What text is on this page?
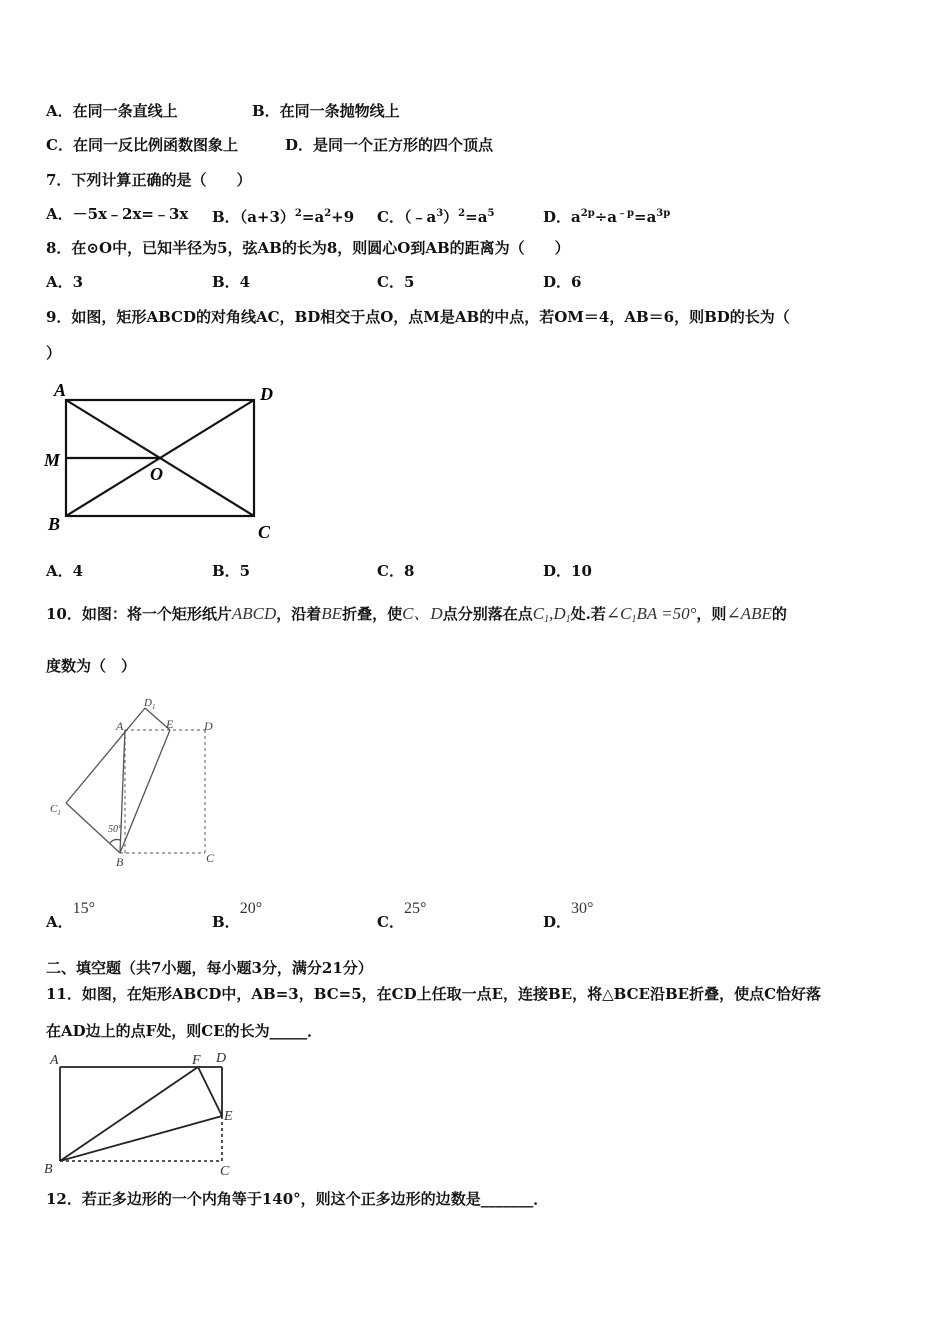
A．在同一条直线上	B．在同一条抛物线上
C．在同一反比例函数图象上	D．是同一个正方形的四个顶点
7．下列计算正确的是（　　）
A．－5x﹣2x=﹣3x B．$(a+3)^2=a^2+9$ C．$(﹣a^3)^2=a^5$	D．$a^{2p}\div a^{﹣p}=a^{3p}$
8．在⊙O中，已知半径为5，弦AB的长为8，则圆心O到AB的距离为（　　）
A．3	B．4	C．5	D．6
9．如图，矩形ABCD的对角线AC，BD相交于点O，点M是AB的中点，若OM＝4，AB＝6，则BD的长为（
）
A	D
M
O
B	C
A．4	B．5	C．8	D．10
10．如图：将一个矩形纸片ABCD，沿着BE折叠，使C、D点分别落在点$C_1,D_1$处.若$\angle C_1BA =50^\circ$，则∠ABE的
度数为（　）
A
$D_1$
E	D
$C_1$
50°
B	C
A．15°
B．20°
C．25°
D．30°
二、填空题（共7小题，每小题3分，满分21分）
11．如图，在矩形ABCD中，AB=3，BC=5，在CD上任取一点E，连接BE，将△BCE沿BE折叠，使点C恰好落
在AD边上的点F处，则CE的长为_____．
A	F D
E
B	C
12．若正多边形的一个内角等于140°，则这个正多边形的边数是_______．
